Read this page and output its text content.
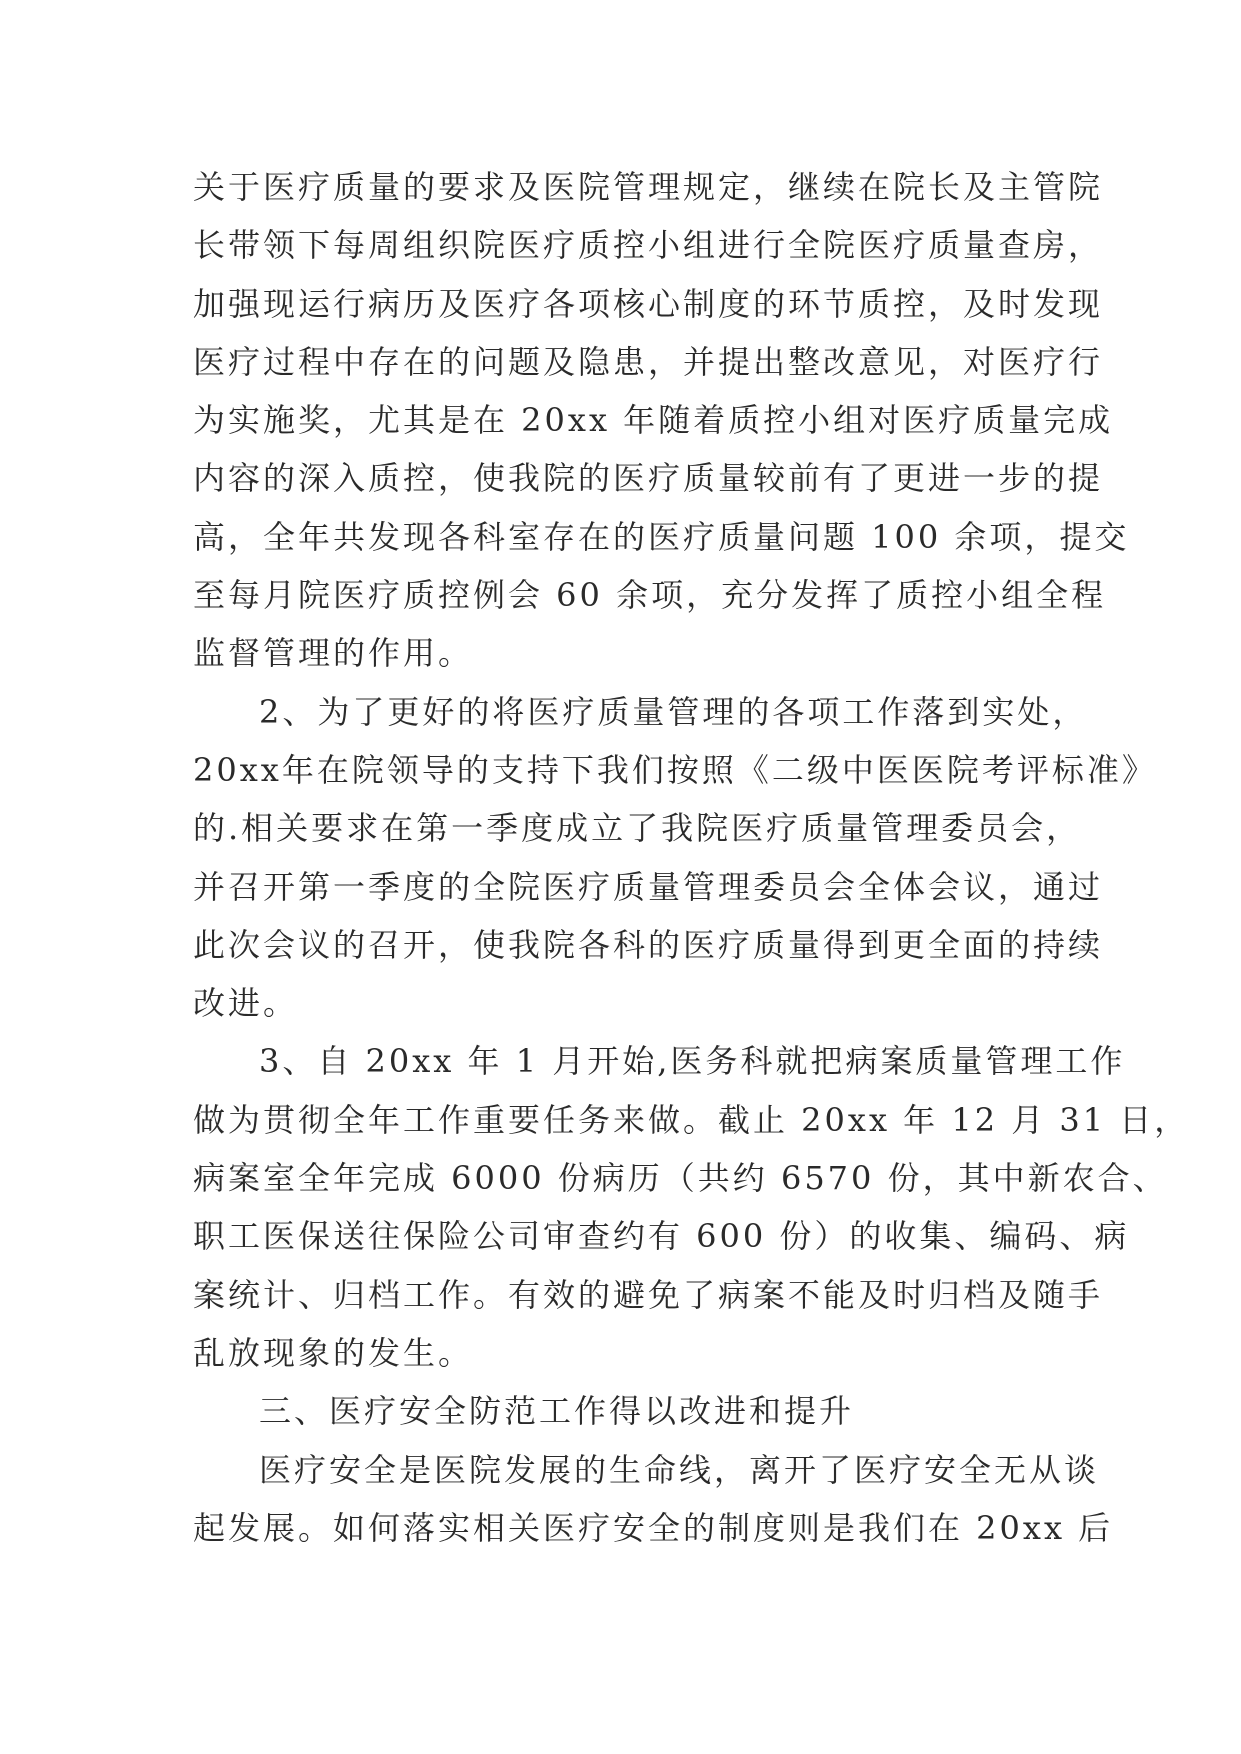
关于医疗质量的要求及医院管理规定，继续在院长及主管院
长带领下每周组织院医疗质控小组进行全院医疗质量查房，
加强现运行病历及医疗各项核心制度的环节质控，及时发现
医疗过程中存在的问题及隐患，并提出整改意见，对医疗行
为实施奖，尤其是在 20xx 年随着质控小组对医疗质量完成
内容的深入质控，使我院的医疗质量较前有了更进一步的提
高，全年共发现各科室存在的医疗质量问题 100 余项，提交
至每月院医疗质控例会 60 余项，充分发挥了质控小组全程
监督管理的作用。
2、为了更好的将医疗质量管理的各项工作落到实处，
20xx年在院领导的支持下我们按照《二级中医医院考评标准》
的.相关要求在第一季度成立了我院医疗质量管理委员会，
并召开第一季度的全院医疗质量管理委员会全体会议，通过
此次会议的召开，使我院各科的医疗质量得到更全面的持续
改进。
3、自 20xx 年 1 月开始,医务科就把病案质量管理工作
做为贯彻全年工作重要任务来做。截止 20xx 年 12 月 31 日，
病案室全年完成 6000 份病历（共约 6570 份，其中新农合、
职工医保送往保险公司审查约有 600 份）的收集、编码、病
案统计、归档工作。有效的避免了病案不能及时归档及随手
乱放现象的发生。
三、医疗安全防范工作得以改进和提升
医疗安全是医院发展的生命线，离开了医疗安全无从谈
起发展。如何落实相关医疗安全的制度则是我们在 20xx 后
